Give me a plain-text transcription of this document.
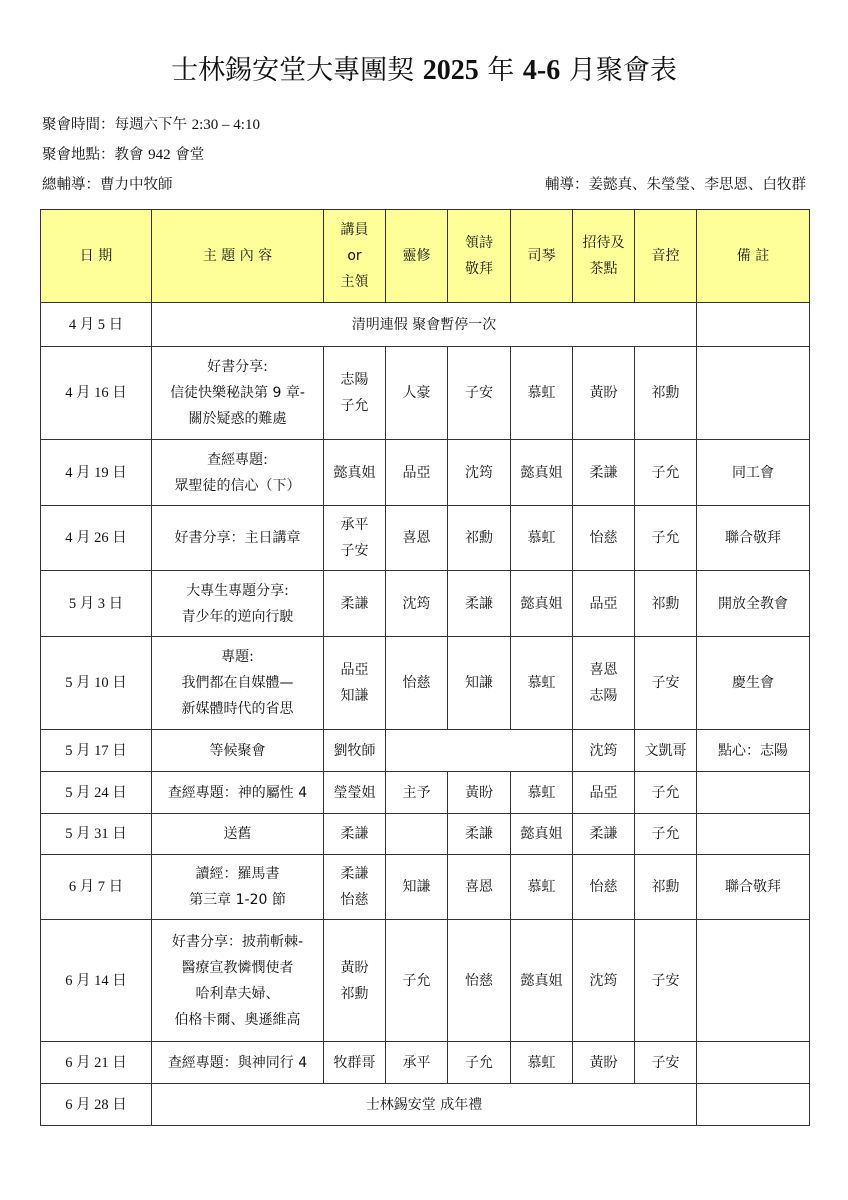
士林錫安堂大專團契 2025 年 4-6 月聚會表
聚會時間：每週六下午 2:30 – 4:10
聚會地點：教會 942 會堂
總輔導：曹力中牧師	輔導：姜懿真、朱瑩瑩、李思恩、白牧群
日 期	主 題 內 容	講員
or
主領	靈修	領詩
敬拜	司琴	招待及
茶點	音控	備 註
4 月 5 日	清明連假 聚會暫停一次							
4 月 16 日	好書分享:
信徒快樂秘訣第 9 章-
關於疑惑的難處	志陽
子允	人豪	子安	慕虹	黃盼	祁勳	
4 月 19 日	查經專題:
眾聖徒的信心（下）	懿真姐	品亞	沈筠	懿真姐	柔謙	子允	同工會
4 月 26 日	好書分享：主日講章	承平
子安	喜恩	祁勳	慕虹	怡慈	子允	聯合敬拜
5 月 3 日	大專生專題分享:
青少年的逆向行駛	柔謙	沈筠	柔謙	懿真姐	品亞	祁勳	開放全教會
5 月 10 日	專題:
我們都在自媒體—
新媒體時代的省思	品亞
知謙	怡慈	知謙	慕虹	喜恩
志陽	子安	慶生會
5 月 17 日	等候聚會	劉牧師				沈筠	文凱哥	點心：志陽
5 月 24 日	查經專題：神的屬性 4	瑩瑩姐	主予	黃盼	慕虹	品亞	子允	
5 月 31 日	送舊	柔謙		柔謙	懿真姐	柔謙	子允	
6 月 7 日	讀經：羅馬書
第三章 1-20 節	柔謙
怡慈	知謙	喜恩	慕虹	怡慈	祁勳	聯合敬拜
6 月 14 日	好書分享：披荊斬棘-
醫療宣教憐憫使者
哈利韋夫婦、
伯格卡爾、奧遜維高	黃盼
祁勳	子允	怡慈	懿真姐	沈筠	子安	
6 月 21 日	查經專題：與神同行 4	牧群哥	承平	子允	慕虹	黃盼	子安	
6 月 28 日	士林錫安堂 成年禮							
